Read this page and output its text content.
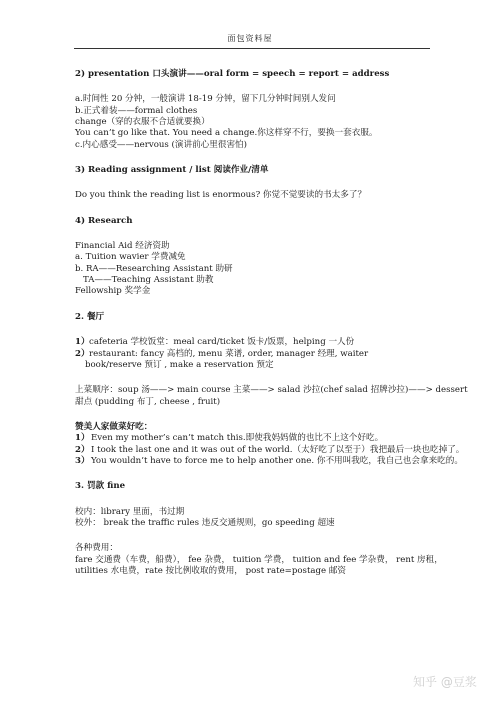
面包资料屋
2) presentation 口头演讲——oral form = speech = report = address
a.时间性 20 分钟，一般演讲 18-19 分钟，留下几分钟时间别人发问
b.正式着装——formal clothes
change（穿的衣服不合适就要换）
You can’t go like that. You need a change.你这样穿不行，要换一套衣服。
c.内心感受——nervous (演讲前心里很害怕)
3) Reading assignment / list 阅读作业/清单
Do you think the reading list is enormous? 你觉不觉要读的书太多了？
4) Research
Financial Aid 经济资助
a. Tuition wavier 学费减免
b. RA——Researching Assistant 助研
TA——Teaching Assistant 助教
Fellowship 奖学金
2. 餐厅
1）cafeteria 学校饭堂：meal card/ticket 饭卡/饭票，helping 一人份
2）restaurant: fancy 高档的, menu 菜谱, order, manager 经理, waiter
book/reserve 预订 , make a reservation 预定
上菜顺序：soup 汤——> main course 主菜——> salad 沙拉(chef salad 招牌沙拉)——> dessert
甜点 (pudding 布丁, cheese , fruit)
赞美人家做菜好吃：
1）Even my mother’s can’t match this.即使我妈妈做的也比不上这个好吃。
2）I took the last one and it was out of the world.（太好吃了以至于）我把最后一块也吃掉了。
3）You wouldn’t have to force me to help another one. 你不用叫我吃，我自己也会拿来吃的。
3. 罚款 fine
校内：library 里面，书过期
校外： break the traffic rules 违反交通规则，go speeding 超速
各种费用：
fare 交通费（车费，船费）， fee 杂费， tuition 学费， tuition and fee 学杂费， rent 房租，
utilities 水电费，rate 按比例收取的费用， post rate=postage 邮资
知乎 @豆浆
